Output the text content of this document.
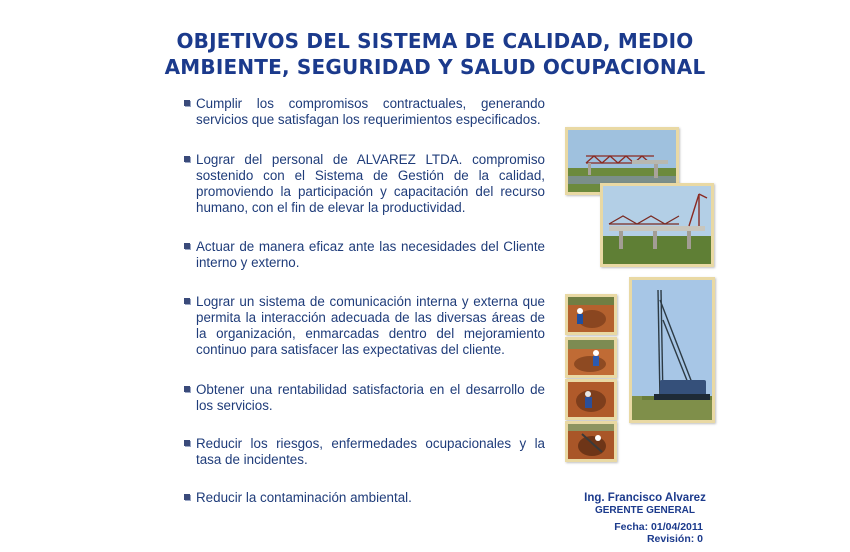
OBJETIVOS DEL SISTEMA DE CALIDAD, MEDIO
AMBIENTE, SEGURIDAD Y SALUD OCUPACIONAL
Cumplir los compromisos contractuales, generando servicios que satisfagan los requerimientos especificados.
Lograr del personal de ALVAREZ LTDA. compromiso sostenido con el Sistema de Gestión de la calidad, promoviendo la participación y capacitación del recurso humano, con el fin de elevar la productividad.
Actuar de manera eficaz ante las necesidades del Cliente interno y externo.
Lograr un sistema de comunicación interna y externa que permita la interacción adecuada de las diversas áreas de la organización, enmarcadas dentro del mejoramiento continuo para satisfacer las expectativas del cliente.
Obtener una rentabilidad satisfactoria en el desarrollo de los servicios.
Reducir los riesgos, enfermedades ocupacionales y la tasa de incidentes.
Reducir la contaminación ambiental.	Ing. Francisco Alvarez
GERENTE GENERAL
Fecha: 01/04/2011
Revisión: 0
